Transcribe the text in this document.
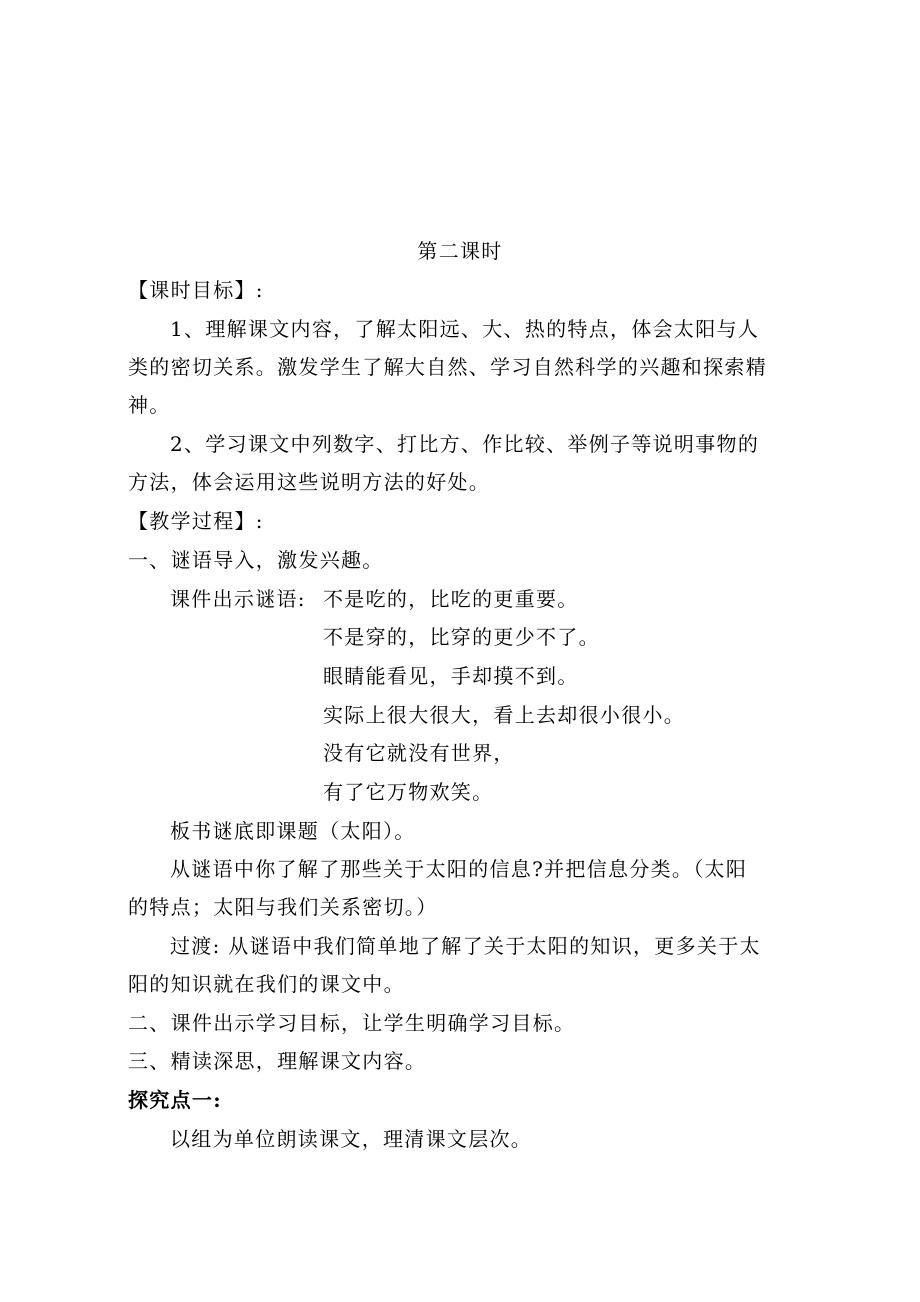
第二课时
【课时目标】:
1、理解课文内容，了解太阳远、大、热的特点，体会太阳与人
类的密切关系。激发学生了解大自然、学习自然科学的兴趣和探索精
神。
2、学习课文中列数字、打比方、作比较、举例子等说明事物的
方法，体会运用这些说明方法的好处。
【教学过程】:
一、谜语导入，激发兴趣。
课件出示谜语: 不是吃的，比吃的更重要。
不是穿的，比穿的更少不了。
眼睛能看见，手却摸不到。
实际上很大很大，看上去却很小很小。
没有它就没有世界，
有了它万物欢笑。
板书谜底即课题（太阳）。
从谜语中你了解了那些关于太阳的信息?并把信息分类。（太阳
的特点；太阳与我们关系密切。）
过渡: 从谜语中我们简单地了解了关于太阳的知识，更多关于太
阳的知识就在我们的课文中。
二、课件出示学习目标，让学生明确学习目标。
三、精读深思，理解课文内容。
探究点一:
以组为单位朗读课文，理清课文层次。
